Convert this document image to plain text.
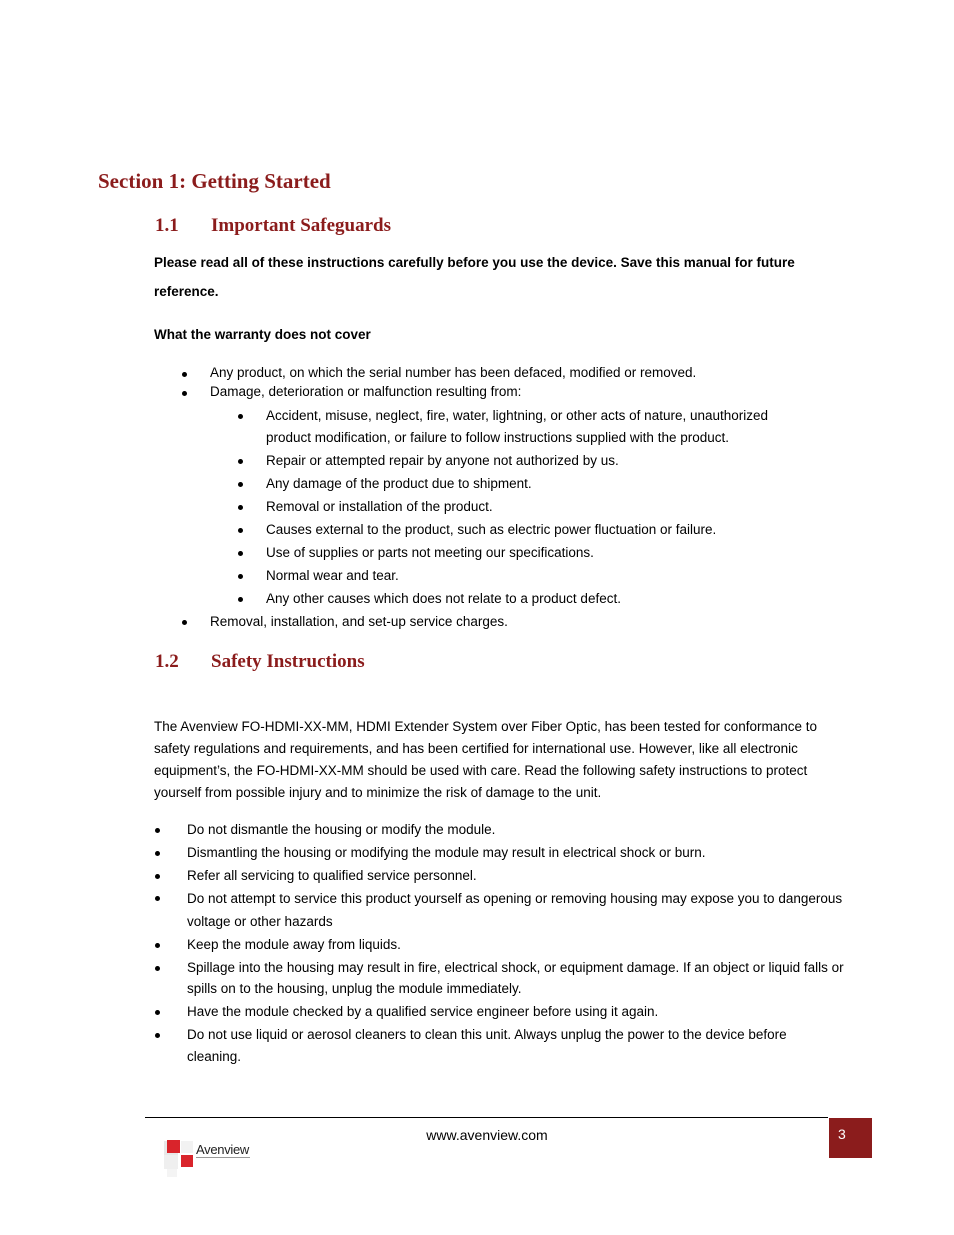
Section 1: Getting Started
1.1 Important Safeguards
Please read all of these instructions carefully before you use the device. Save this manual for future reference.
What the warranty does not cover
Any product, on which the serial number has been defaced, modified or removed.
Damage, deterioration or malfunction resulting from:
Accident, misuse, neglect, fire, water, lightning, or other acts of nature, unauthorized product modification, or failure to follow instructions supplied with the product.
Repair or attempted repair by anyone not authorized by us.
Any damage of the product due to shipment.
Removal or installation of the product.
Causes external to the product, such as electric power fluctuation or failure.
Use of supplies or parts not meeting our specifications.
Normal wear and tear.
Any other causes which does not relate to a product defect.
Removal, installation, and set-up service charges.
1.2 Safety Instructions
The Avenview FO-HDMI-XX-MM, HDMI Extender System over Fiber Optic, has been tested for conformance to safety regulations and requirements, and has been certified for international use. However, like all electronic equipment’s, the FO-HDMI-XX-MM should be used with care. Read the following safety instructions to protect yourself from possible injury and to minimize the risk of damage to the unit.
Do not dismantle the housing or modify the module.
Dismantling the housing or modifying the module may result in electrical shock or burn.
Refer all servicing to qualified service personnel.
Do not attempt to service this product yourself as opening or removing housing may expose you to dangerous voltage or other hazards
Keep the module away from liquids.
Spillage into the housing may result in fire, electrical shock, or equipment damage. If an object or liquid falls or spills on to the housing, unplug the module immediately.
Have the module checked by a qualified service engineer before using it again.
Do not use liquid or aerosol cleaners to clean this unit. Always unplug the power to the device before cleaning.
www.avenview.com	3
Avenview
